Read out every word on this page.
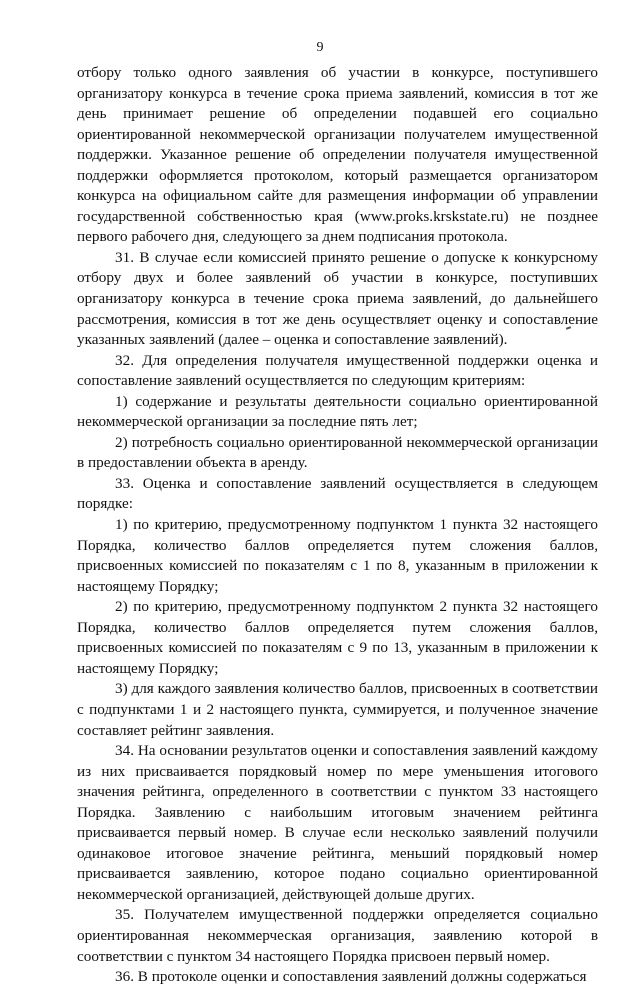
9

отбору только одного заявления об участии в конкурсе, поступившего организатору конкурса в течение срока приема заявлений, комиссия в тот же день принимает решение об определении подавшей его социально ориентированной некоммерческой организации получателем имущественной поддержки. Указанное решение об определении получателя имущественной поддержки оформляется протоколом, который размещается организатором конкурса на официальном сайте для размещения информации об управлении государственной собственностью края (www.proks.krskstate.ru) не позднее первого рабочего дня, следующего за днем подписания протокола.

31. В случае если комиссией принято решение о допуске к конкурсному отбору двух и более заявлений об участии в конкурсе, поступивших организатору конкурса в течение срока приема заявлений, до дальнейшего рассмотрения, комиссия в тот же день осуществляет оценку и сопоставление указанных заявлений (далее – оценка и сопоставление заявлений).

32. Для определения получателя имущественной поддержки оценка и сопоставление заявлений осуществляется по следующим критериям:

1) содержание и результаты деятельности социально ориентированной некоммерческой организации за последние пять лет;

2) потребность социально ориентированной некоммерческой организации в предоставлении объекта в аренду.

33. Оценка и сопоставление заявлений осуществляется в следующем порядке:

1) по критерию, предусмотренному подпунктом 1 пункта 32 настоящего Порядка, количество баллов определяется путем сложения баллов, присвоенных комиссией по показателям с 1 по 8, указанным в приложении к настоящему Порядку;

2) по критерию, предусмотренному подпунктом 2 пункта 32 настоящего Порядка, количество баллов определяется путем сложения баллов, присвоенных комиссией по показателям с 9 по 13, указанным в приложении к настоящему Порядку;

3) для каждого заявления количество баллов, присвоенных в соответствии с подпунктами 1 и 2 настоящего пункта, суммируется, и полученное значение составляет рейтинг заявления.

34. На основании результатов оценки и сопоставления заявлений каждому из них присваивается порядковый номер по мере уменьшения итогового значения рейтинга, определенного в соответствии с пунктом 33 настоящего Порядка. Заявлению с наибольшим итоговым значением рейтинга присваивается первый номер. В случае если несколько заявлений получили одинаковое итоговое значение рейтинга, меньший порядковый номер присваивается заявлению, которое подано социально ориентированной некоммерческой организацией, действующей дольше других.

35. Получателем имущественной поддержки определяется социально ориентированная некоммерческая организация, заявлению которой в соответствии с пунктом 34 настоящего Порядка присвоен первый номер.

36. В протоколе оценки и сопоставления заявлений должны содержаться
